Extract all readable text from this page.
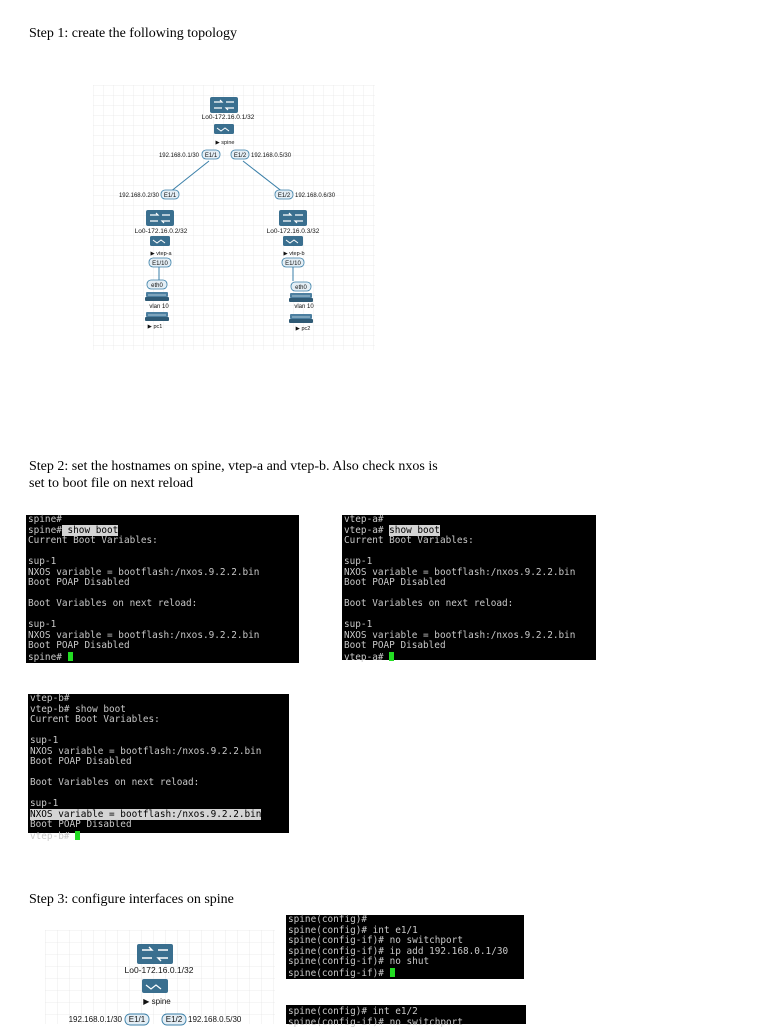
Step 1: create the following topology

Lo0-172.16.0.1/32
▶ spine
192.168.0.1/30 E1/1	E1/2 192.168.0.5/30
192.168.0.2/30 E1/1
Lo0-172.16.0.2/32
▶ vtep-a
E1/10
eth0
vlan 10
▶ pc1
E1/2 192.168.0.6/30
Lo0-172.16.0.3/32
▶ vtep-b
E1/10
eth0
vlan 10
▶ pc2

Step 2: set the hostnames on spine, vtep-a and vtep-b. Also check nxos is

set to boot file on next reload

spine#
spine# show boot
Current Boot Variables:
sup-1
NXOS variable = bootflash:/nxos.9.2.2.bin
Boot POAP Disabled
Boot Variables on next reload:
sup-1
NXOS variable = bootflash:/nxos.9.2.2.bin
Boot POAP Disabled
spine#
vtep-a#
vtep-a# show boot
Current Boot Variables:
sup-1
NXOS variable = bootflash:/nxos.9.2.2.bin
Boot POAP Disabled
Boot Variables on next reload:
sup-1
NXOS variable = bootflash:/nxos.9.2.2.bin
Boot POAP Disabled
vtep-a#
vtep-b#
vtep-b# show boot
Current Boot Variables:
sup-1
NXOS variable = bootflash:/nxos.9.2.2.bin
Boot POAP Disabled
Boot Variables on next reload:
sup-1
NXOS variable = bootflash:/nxos.9.2.2.bin
Boot POAP Disabled
vtep-b#

Step 3: configure interfaces on spine

Lo0-172.16.0.1/32
▶ spine
192.168.0.1/30 E1/1	E1/2 192.168.0.5/30
spine(config)#
spine(config)# int e1/1
spine(config-if)# no switchport
spine(config-if)# ip add 192.168.0.1/30
spine(config-if)# no shut
spine(config-if)#
spine(config)# int e1/2
spine(config-if)# no switchport
